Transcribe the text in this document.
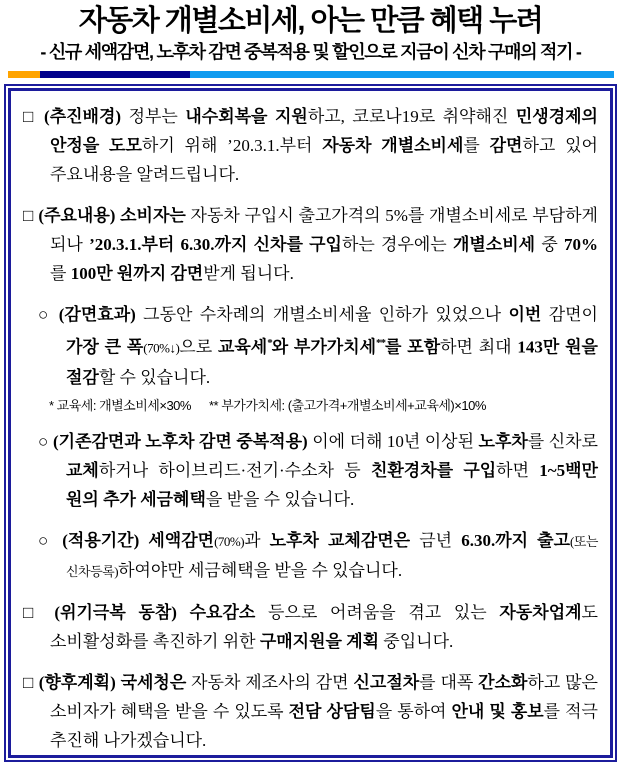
자동차 개별소비세, 아는 만큼 혜택 누려
- 신규 세액감면, 노후차 감면 중복적용 및 할인으로 지금이 신차 구매의 적기 -
□ (추진배경) 정부는 내수회복을 지원하고, 코로나19로 취약해진 민생경제의 안정을 도모하기 위해 ’20.3.1.부터 자동차 개별소비세를 감면하고 있어 주요내용을 알려드립니다.
□ (주요내용) 소비자는 자동차 구입시 출고가격의 5%를 개별소비세로 부담하게 되나 ’20.3.1.부터 6.30.까지 신차를 구입하는 경우에는 개별소비세 중 70%를 100만 원까지 감면받게 됩니다.
○ (감면효과) 그동안 수차례의 개별소비세율 인하가 있었으나 이번 감면이 가장 큰 폭(70%↓)으로 교육세*와 부가가치세**를 포함하면 최대 143만 원을 절감할 수 있습니다.
* 교육세: 개별소비세×30% ** 부가가치세: (출고가격+개별소비세+교육세)×10%
○ (기존감면과 노후차 감면 중복적용) 이에 더해 10년 이상된 노후차를 신차로 교체하거나 하이브리드·전기·수소차 등 친환경차를 구입하면 1~5백만 원의 추가 세금혜택을 받을 수 있습니다.
○ (적용기간) 세액감면(70%)과 노후차 교체감면은 금년 6.30.까지 출고(또는 신차등록)하여야만 세금혜택을 받을 수 있습니다.
□ (위기극복 동참) 수요감소 등으로 어려움을 겪고 있는 자동차업계도 소비활성화를 촉진하기 위한 구매지원을 계획 중입니다.
□ (향후계획) 국세청은 자동차 제조사의 감면 신고절차를 대폭 간소화하고 많은 소비자가 혜택을 받을 수 있도록 전담 상담팀을 통하여 안내 및 홍보를 적극 추진해 나가겠습니다.
